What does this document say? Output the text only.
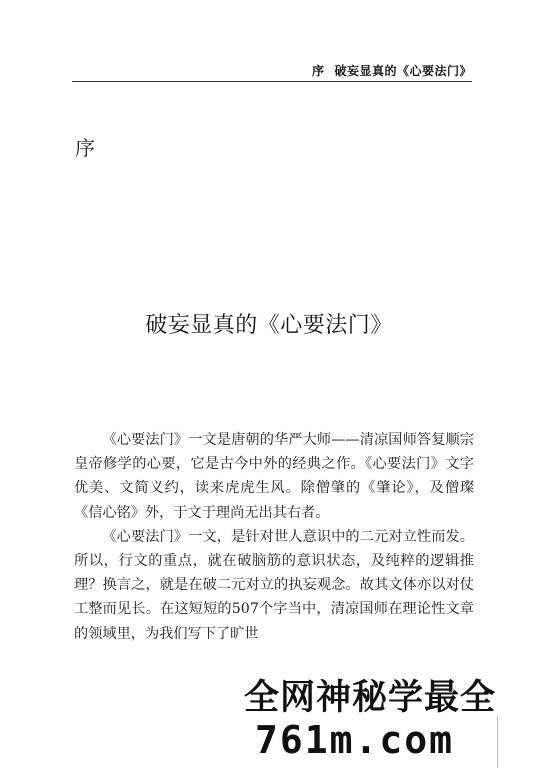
序 破妄显真的《心要法门》
序
破妄显真的《心要法门》

《心要法门》一文是唐朝的华严大师——清凉国师答复顺宗皇帝修学的心要，它是古今中外的经典之作。《心要法门》文字优美、文简义约，读来虎虎生风。除僧肇的《肇论》，及僧璨《信心铭》外，于文于理尚无出其右者。

《心要法门》一文，是针对世人意识中的二元对立性而发。所以，行文的重点，就在破脑筋的意识状态，及纯粹的逻辑推理？换言之，就是在破二元对立的执妄观念。故其文体亦以对仗工整而见长。在这短短的507个字当中，清凉国师在理论性文章的领域里，为我们写下了旷世

全网神秘学最全
761m.com
